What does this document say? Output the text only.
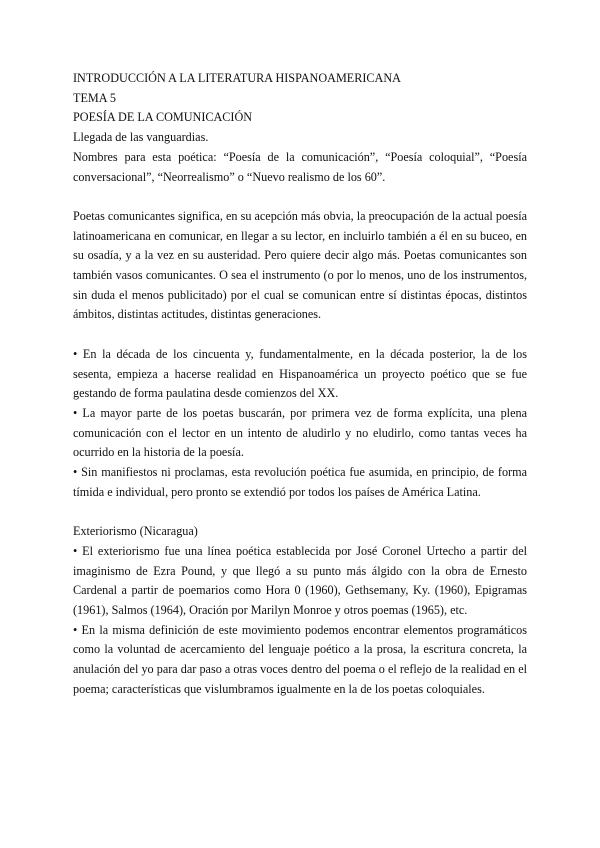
INTRODUCCIÓN A LA LITERATURA HISPANOAMERICANA

TEMA 5

POESÍA DE LA COMUNICACIÓN

Llegada de las vanguardias.

Nombres para esta poética: “Poesía de la comunicación”, “Poesía coloquial”, “Poesía conversacional”, “Neorrealismo” o “Nuevo realismo de los 60”.

Poetas comunicantes significa, en su acepción más obvia, la preocupación de la actual poesía latinoamericana en comunicar, en llegar a su lector, en incluirlo también a él en su buceo, en su osadía, y a la vez en su austeridad. Pero quiere decir algo más. Poetas comunicantes son también vasos comunicantes. O sea el instrumento (o por lo menos, uno de los instrumentos, sin duda el menos publicitado) por el cual se comunican entre sí distintas épocas, distintos ámbitos, distintas actitudes, distintas generaciones.

• En la década de los cincuenta y, fundamentalmente, en la década posterior, la de los sesenta, empieza a hacerse realidad en Hispanoamérica un proyecto poético que se fue gestando de forma paulatina desde comienzos del XX.

• La mayor parte de los poetas buscarán, por primera vez de forma explícita, una plena comunicación con el lector en un intento de aludirlo y no eludirlo, como tantas veces ha ocurrido en la historia de la poesía.

• Sin manifiestos ni proclamas, esta revolución poética fue asumida, en principio, de forma tímida e individual, pero pronto se extendió por todos los países de América Latina.

Exteriorismo (Nicaragua)

• El exteriorismo fue una línea poética establecida por José Coronel Urtecho a partir del imaginismo de Ezra Pound, y que llegó a su punto más álgido con la obra de Ernesto Cardenal a partir de poemarios como Hora 0 (1960), Gethsemany, Ky. (1960), Epigramas (1961), Salmos (1964), Oración por Marilyn Monroe y otros poemas (1965), etc.

• En la misma definición de este movimiento podemos encontrar elementos programáticos como la voluntad de acercamiento del lenguaje poético a la prosa, la escritura concreta, la anulación del yo para dar paso a otras voces dentro del poema o el reflejo de la realidad en el poema; características que vislumbramos igualmente en la de los poetas coloquiales.
